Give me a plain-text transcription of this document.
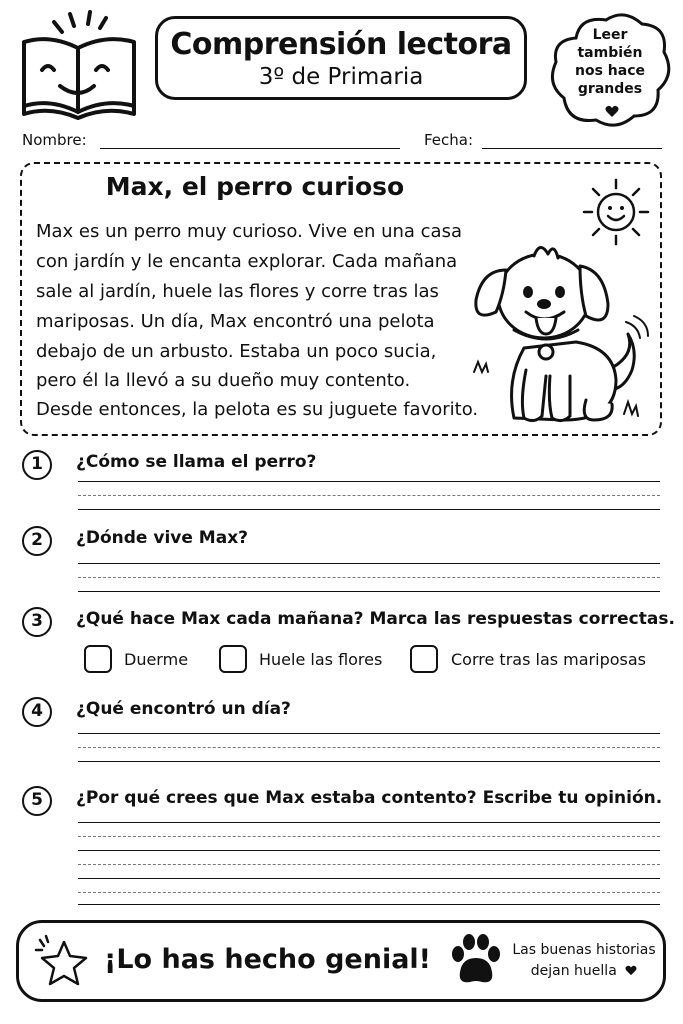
Comprensión lectora
3º de Primaria
Leer
también
nos hace
grandes
Nombre:	Fecha:
Max, el perro curioso
Max es un perro muy curioso. Vive en una casa
con jardín y le encanta explorar. Cada mañana
sale al jardín, huele las flores y corre tras las
mariposas. Un día, Max encontró una pelota
debajo de un arbusto. Estaba un poco sucia,
pero él la llevó a su dueño muy contento.
Desde entonces, la pelota es su juguete favorito.
1	¿Cómo se llama el perro?
2	¿Dónde vive Max?
3	¿Qué hace Max cada mañana? Marca las respuestas correctas.
Duerme	Huele las flores	Corre tras las mariposas
4	¿Qué encontró un día?
5	¿Por qué crees que Max estaba contento? Escribe tu opinión.
¡Lo has hecho genial!	Las buenas historias
dejan huella
